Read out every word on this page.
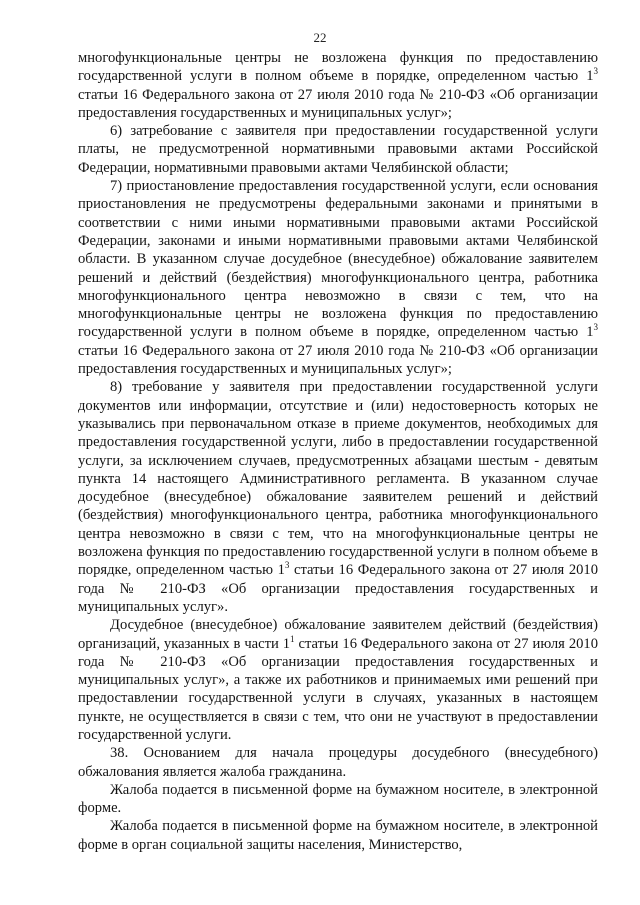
22

многофункциональные центры не возложена функция по предоставлению государственной услуги в полном объеме в порядке, определенном частью $1^3$ статьи 16 Федерального закона от 27 июля 2010 года № 210-ФЗ «Об организации предоставления государственных и муниципальных услуг»;

6) затребование с заявителя при предоставлении государственной услуги платы, не предусмотренной нормативными правовыми актами Российской Федерации, нормативными правовыми актами Челябинской области;

7) приостановление предоставления государственной услуги, если основания приостановления не предусмотрены федеральными законами и принятыми в соответствии с ними иными нормативными правовыми актами Российской Федерации, законами и иными нормативными правовыми актами Челябинской области. В указанном случае досудебное (внесудебное) обжалование заявителем решений и действий (бездействия) многофункционального центра, работника многофункционального центра невозможно в связи с тем, что на многофункциональные центры не возложена функция по предоставлению государственной услуги в полном объеме в порядке, определенном частью $1^3$ статьи 16 Федерального закона от 27 июля 2010 года № 210-ФЗ «Об организации предоставления государственных и муниципальных услуг»;

8) требование у заявителя при предоставлении государственной услуги документов или информации, отсутствие и (или) недостоверность которых не указывались при первоначальном отказе в приеме документов, необходимых для предоставления государственной услуги, либо в предоставлении государственной услуги, за исключением случаев, предусмотренных абзацами шестым - девятым пункта 14 настоящего Административного регламента. В указанном случае досудебное (внесудебное) обжалование заявителем решений и действий (бездействия) многофункционального центра, работника многофункционального центра невозможно в связи с тем, что на многофункциональные центры не возложена функция по предоставлению государственной услуги в полном объеме в порядке, определенном частью $1^3$ статьи 16 Федерального закона от 27 июля 2010 года № 210-ФЗ «Об организации предоставления государственных и муниципальных услуг».

Досудебное (внесудебное) обжалование заявителем действий (бездействия) организаций, указанных в части $1^1$ статьи 16 Федерального закона от 27 июля 2010 года № 210-ФЗ «Об организации предоставления государственных и муниципальных услуг», а также их работников и принимаемых ими решений при предоставлении государственной услуги в случаях, указанных в настоящем пункте, не осуществляется в связи с тем, что они не участвуют в предоставлении государственной услуги.

38. Основанием для начала процедуры досудебного (внесудебного) обжалования является жалоба гражданина.

Жалоба подается в письменной форме на бумажном носителе, в электронной форме.

Жалоба подается в письменной форме на бумажном носителе, в электронной форме в орган социальной защиты населения, Министерство,
